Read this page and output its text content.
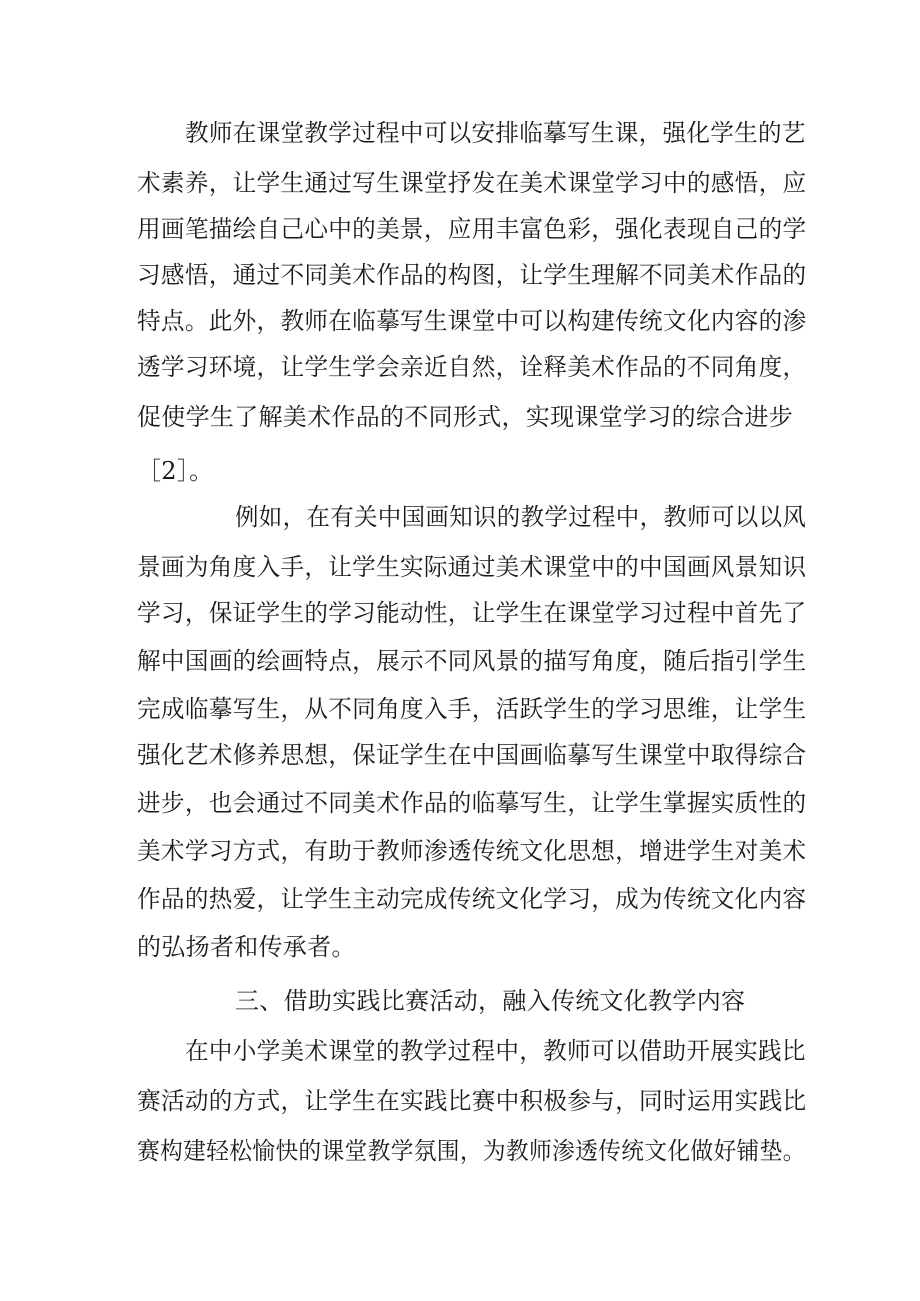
教师在课堂教学过程中可以安排临摹写生课，强化学生的艺
术素养，让学生通过写生课堂抒发在美术课堂学习中的感悟，应
用画笔描绘自己心中的美景，应用丰富色彩，强化表现自己的学
习感悟，通过不同美术作品的构图，让学生理解不同美术作品的
特点。此外，教师在临摹写生课堂中可以构建传统文化内容的渗
透学习环境，让学生学会亲近自然，诠释美术作品的不同角度，
促使学生了解美术作品的不同形式，实现课堂学习的综合进步
［2］。
例如，在有关中国画知识的教学过程中，教师可以以风
景画为角度入手，让学生实际通过美术课堂中的中国画风景知识
学习，保证学生的学习能动性，让学生在课堂学习过程中首先了
解中国画的绘画特点，展示不同风景的描写角度，随后指引学生
完成临摹写生，从不同角度入手，活跃学生的学习思维，让学生
强化艺术修养思想，保证学生在中国画临摹写生课堂中取得综合
进步，也会通过不同美术作品的临摹写生，让学生掌握实质性的
美术学习方式，有助于教师渗透传统文化思想，增进学生对美术
作品的热爱，让学生主动完成传统文化学习，成为传统文化内容
的弘扬者和传承者。
三、借助实践比赛活动，融入传统文化教学内容
在中小学美术课堂的教学过程中，教师可以借助开展实践比
赛活动的方式，让学生在实践比赛中积极参与，同时运用实践比
赛构建轻松愉快的课堂教学氛围，为教师渗透传统文化做好铺垫。
